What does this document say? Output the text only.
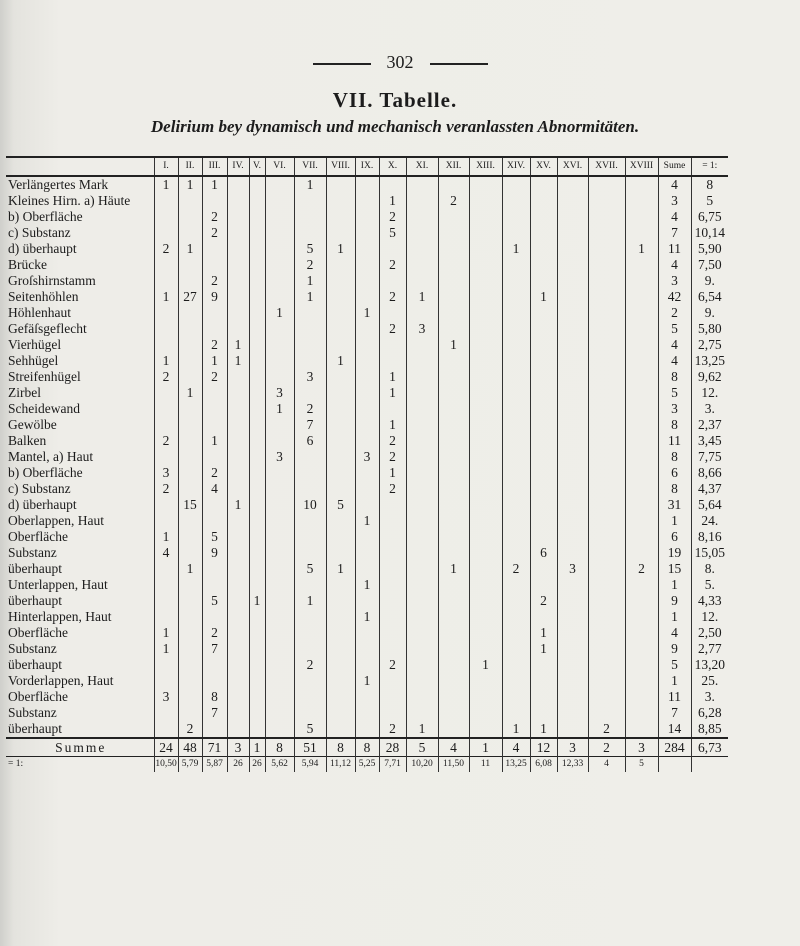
302
VII. Tabelle.
Delirium bey dynamisch und mechanisch veranlassten Abnormitäten.
	I.	II.	III.	IV.	V.	VI.	VII.	VIII.	IX.	X.	XI.	XII.	XIII.	XIV.	XV.	XVI.	XVII.	XVIII	Sume	= 1:
Verlängertes Mark	1	1	1				1												4	8
Kleines Hirn. a) Häute										1		2							3	5
b) Oberfläche			2							2									4	6,75
c) Substanz			2							5									7	10,14
d) überhaupt	2	1					5	1						1				1	11	5,90
Brücke							2			2									4	7,50
Groſshirnstamm			2				1												3	9.
Seitenhöhlen	1	27	9				1			2	1				1				42	6,54
Höhlenhaut						1			1										2	9.
Gefäſsgeflecht										2	3								5	5,80
Vierhügel			2	1								1							4	2,75
Sehhügel	1		1	1				1											4	13,25
Streifenhügel	2		2				3			1									8	9,62
Zirbel		1				3				1									5	12.
Scheidewand						1	2												3	3.
Gewölbe							7			1									8	2,37
Balken	2		1				6			2									11	3,45
Mantel, a) Haut						3			3	2									8	7,75
b) Oberfläche	3		2							1									6	8,66
c) Substanz	2		4							2									8	4,37
d) überhaupt		15		1			10	5											31	5,64
Oberlappen, Haut									1										1	24.
Oberfläche	1		5																6	8,16
Substanz	4		9												6				19	15,05
überhaupt		1					5	1				1		2		3		2	15	8.
Unterlappen, Haut									1										1	5.
überhaupt			5		1		1								2				9	4,33
Hinterlappen, Haut									1										1	12.
Oberfläche	1		2												1				4	2,50
Substanz	1		7												1				9	2,77
überhaupt							2			2			1						5	13,20
Vorderlappen, Haut									1										1	25.
Oberfläche	3		8																11	3.
Substanz			7																7	6,28
überhaupt		2					5			2	1			1	1		2		14	8,85
Summe	24	48	71	3	1	8	51	8	8	28	5	4	1	4	12	3	2	3	284	6,73
= 1:	10,50	5,79	5,87	26	26	5,62	5,94	11,12	5,25	7,71	10,20	11,50	11	13,25	6,08	12,33	4	5		
